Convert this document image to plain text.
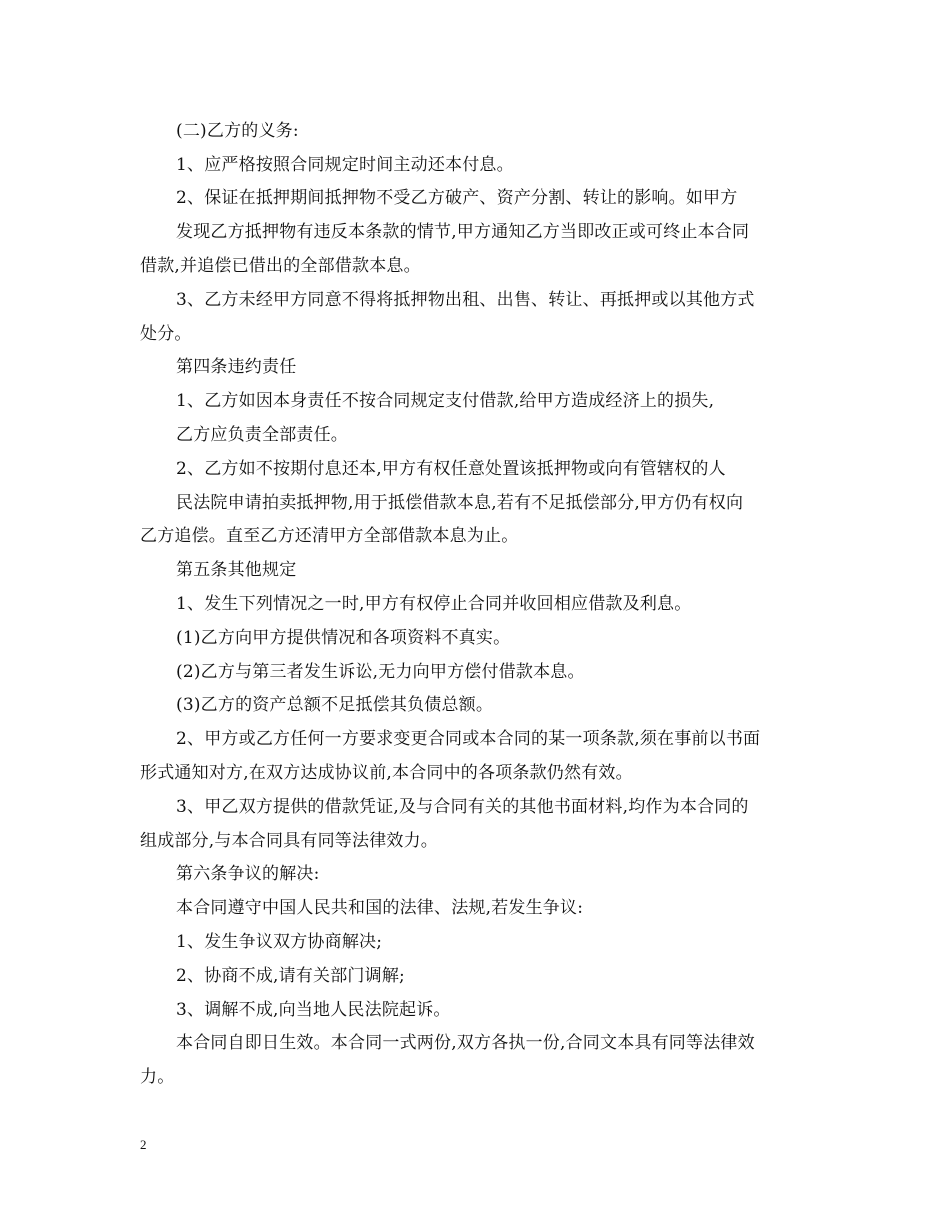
(二)乙方的义务:
1、应严格按照合同规定时间主动还本付息。
2、保证在抵押期间抵押物不受乙方破产、资产分割、转让的影响。如甲方
发现乙方抵押物有违反本条款的情节,甲方通知乙方当即改正或可终止本合同
借款,并追偿已借出的全部借款本息。
3、乙方未经甲方同意不得将抵押物出租、出售、转让、再抵押或以其他方式
处分。
第四条违约责任
1、乙方如因本身责任不按合同规定支付借款,给甲方造成经济上的损失,
乙方应负责全部责任。
2、乙方如不按期付息还本,甲方有权任意处置该抵押物或向有管辖权的人
民法院申请拍卖抵押物,用于抵偿借款本息,若有不足抵偿部分,甲方仍有权向
乙方追偿。直至乙方还清甲方全部借款本息为止。
第五条其他规定
1、发生下列情况之一时,甲方有权停止合同并收回相应借款及利息。
(1)乙方向甲方提供情况和各项资料不真实。
(2)乙方与第三者发生诉讼,无力向甲方偿付借款本息。
(3)乙方的资产总额不足抵偿其负债总额。
2、甲方或乙方任何一方要求变更合同或本合同的某一项条款,须在事前以书面
形式通知对方,在双方达成协议前,本合同中的各项条款仍然有效。
3、甲乙双方提供的借款凭证,及与合同有关的其他书面材料,均作为本合同的
组成部分,与本合同具有同等法律效力。
第六条争议的解决:
本合同遵守中国人民共和国的法律、法规,若发生争议:
1、发生争议双方协商解决;
2、协商不成,请有关部门调解;
3、调解不成,向当地人民法院起诉。
本合同自即日生效。本合同一式两份,双方各执一份,合同文本具有同等法律效
力。
2
